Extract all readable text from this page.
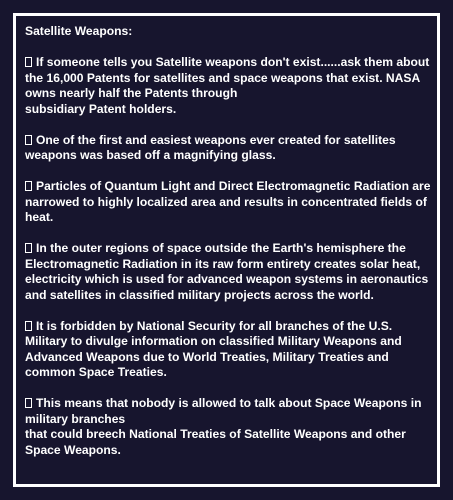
Satellite Weapons:
If someone tells you Satellite weapons don't exist......ask them about
the 16,000 Patents for satellites and space weapons that exist. NASA
owns nearly half the Patents through
subsidiary Patent holders.
One of the first and easiest weapons ever created for satellites
weapons was based off a magnifying glass.
Particles of Quantum Light and Direct Electromagnetic Radiation are
narrowed to highly localized area and results in concentrated fields of
heat.
In the outer regions of space outside the Earth's hemisphere the
Electromagnetic Radiation in its raw form entirety creates solar heat,
electricity which is used for advanced weapon systems in aeronautics
and satellites in classified military projects across the world.
It is forbidden by National Security for all branches of the U.S.
Military to divulge information on classified Military Weapons and
Advanced Weapons due to World Treaties, Military Treaties and
common Space Treaties.
This means that nobody is allowed to talk about Space Weapons in
military branches
that could breech National Treaties of Satellite Weapons and other
Space Weapons.
